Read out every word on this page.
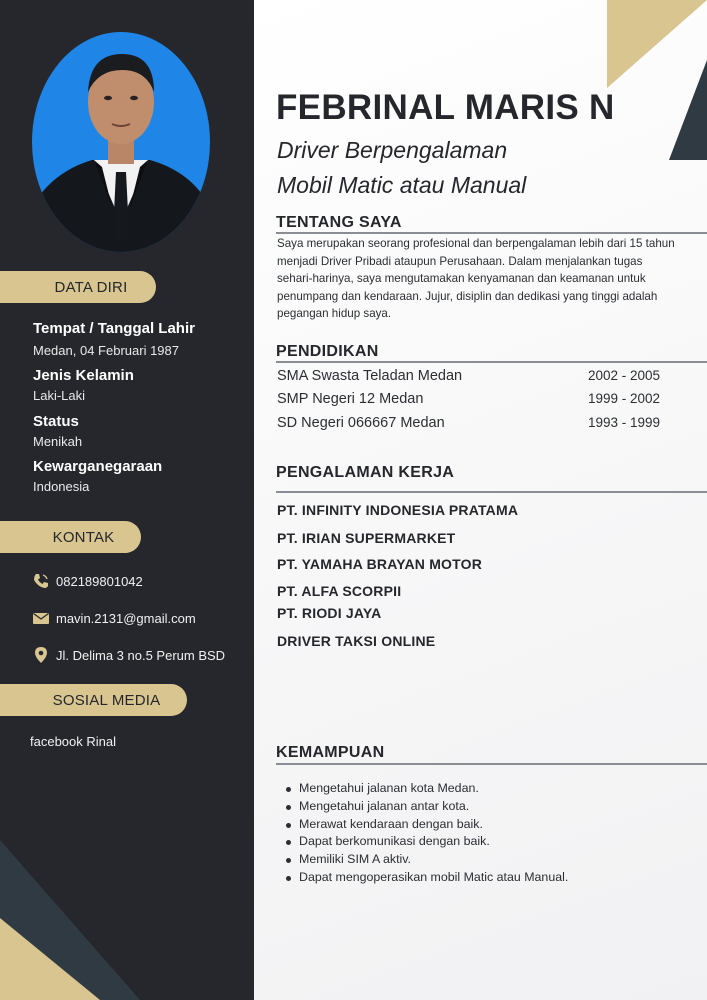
DATA DIRI
Tempat / Tanggal Lahir
Medan, 04 Februari 1987
Jenis Kelamin
Laki-Laki
Status
Menikah
Kewarganegaraan
Indonesia
KONTAK
082189801042
mavin.2131@gmail.com
Jl. Delima 3 no.5 Perum BSD
SOSIAL MEDIA
facebook Rinal
FEBRINAL MARIS N
Driver Berpengalaman
Mobil Matic atau Manual
TENTANG SAYA
Saya merupakan seorang profesional dan berpengalaman lebih dari 15 tahun menjadi Driver Pribadi ataupun Perusahaan. Dalam menjalankan tugas sehari-harinya, saya mengutamakan kenyamanan dan keamanan untuk penumpang dan kendaraan. Jujur, disiplin dan dedikasi yang tinggi adalah pegangan hidup saya.
PENDIDIKAN
SMA Swasta Teladan Medan	2002 - 2005
SMP Negeri 12 Medan	1999 - 2002
SD Negeri 066667 Medan	1993 - 1999
PENGALAMAN KERJA
PT. INFINITY INDONESIA PRATAMA
PT. IRIAN SUPERMARKET
PT. YAMAHA BRAYAN MOTOR
PT. ALFA SCORPII
PT. RIODI JAYA
DRIVER TAKSI ONLINE
KEMAMPUAN
Mengetahui jalanan kota Medan.
Mengetahui jalanan antar kota.
Merawat kendaraan dengan baik.
Dapat berkomunikasi dengan baik.
Memiliki SIM A aktiv.
Dapat mengoperasikan mobil Matic atau Manual.
